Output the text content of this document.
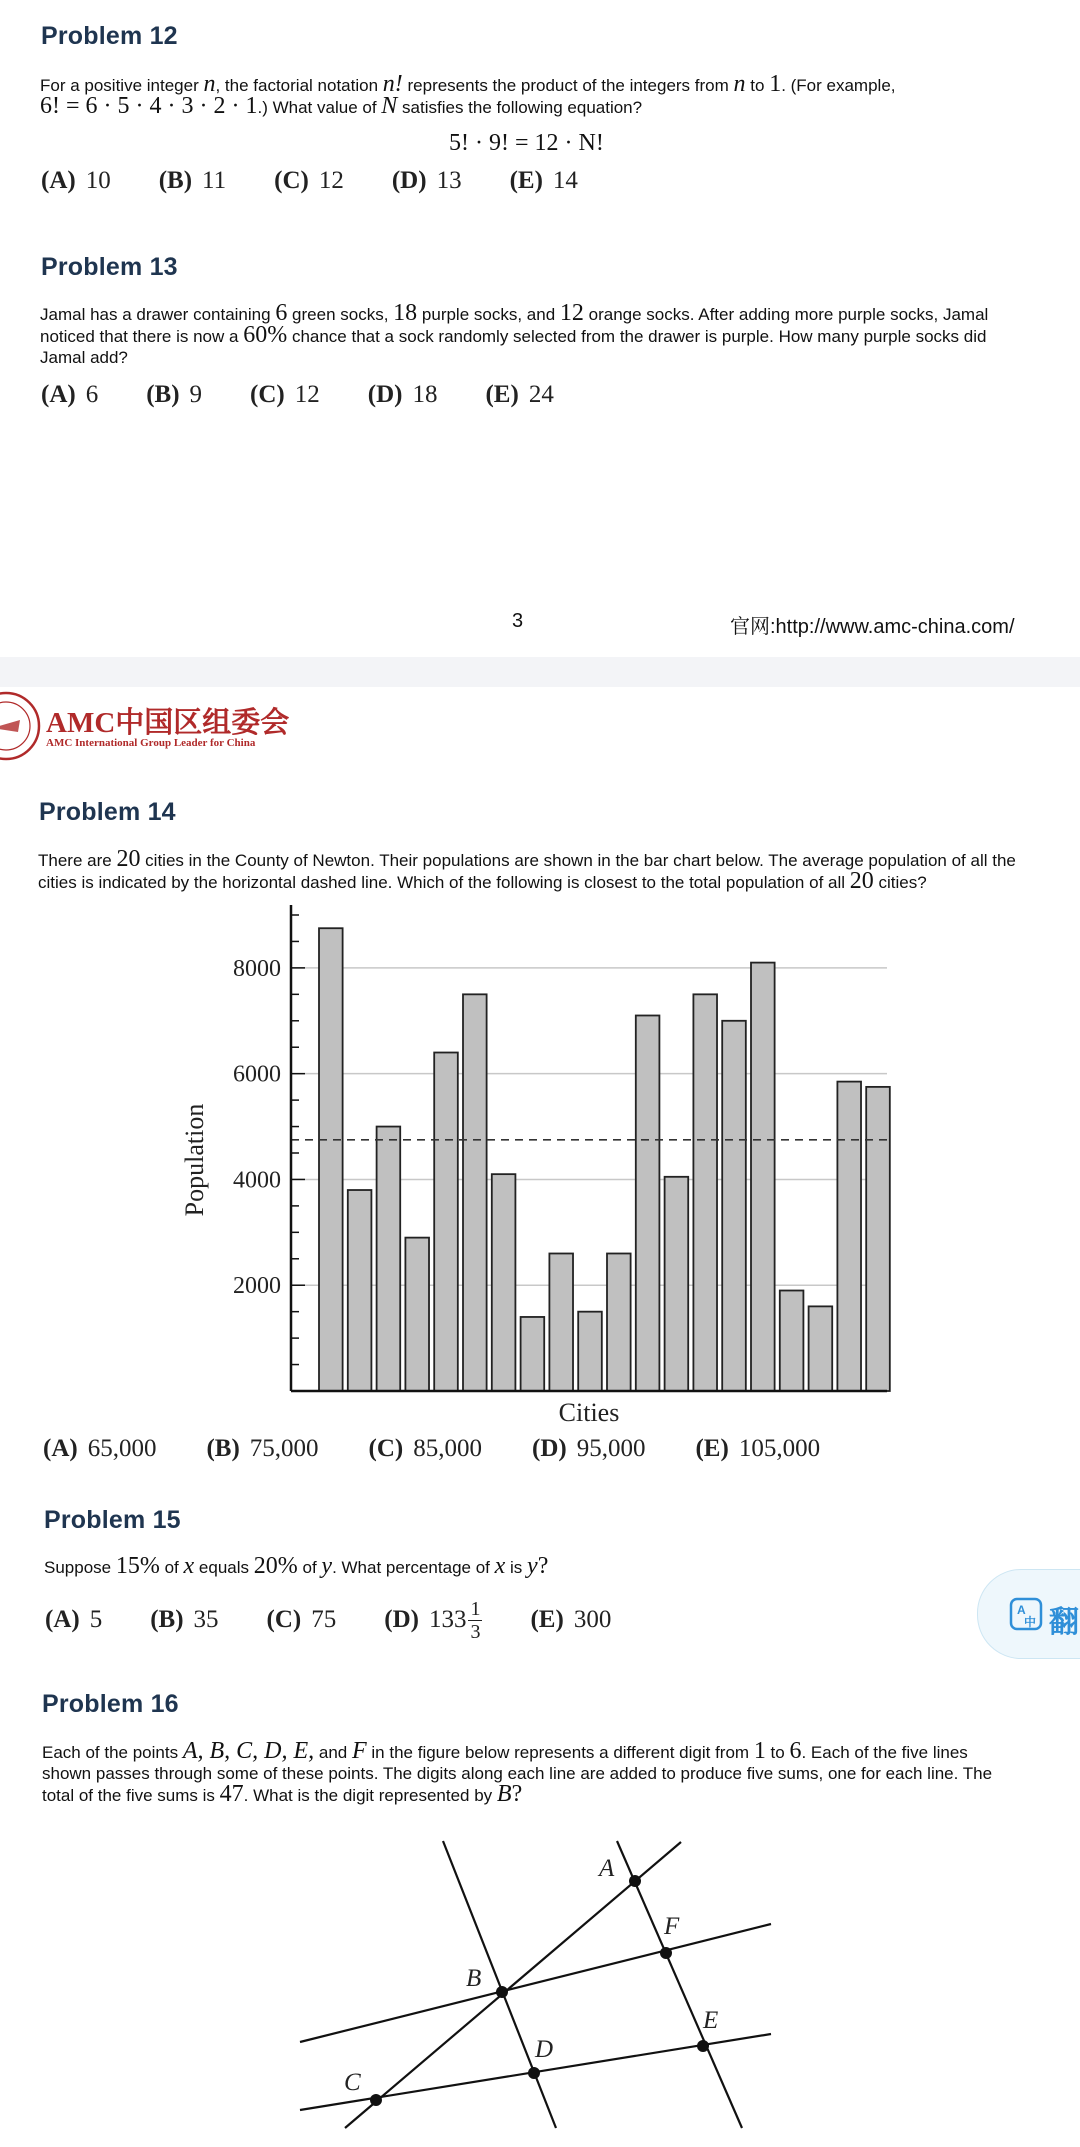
Problem 12
For a positive integer n, the factorial notation n! represents the product of the integers from n to 1. (For example,
6! = 6 · 5 · 4 · 3 · 2 · 1.) What value of N satisfies the following equation?
5! · 9! = 12 · N!
(A) 10 (B) 11 (C) 12 (D) 13 (E) 14
Problem 13
Jamal has a drawer containing 6 green socks, 18 purple socks, and 12 orange socks. After adding more purple socks, Jamal
noticed that there is now a 60% chance that a sock randomly selected from the drawer is purple. How many purple socks did
Jamal add?
(A) 6 (B) 9 (C) 12 (D) 18 (E) 24
3	官网:http://www.amc-china.com/
AMC中国区组委会
AMC International Group Leader for China
Problem 14
There are 20 cities in the County of Newton. Their populations are shown in the bar chart below. The average population of all the
cities is indicated by the horizontal dashed line. Which of the following is closest to the total population of all 20 cities?
2000
4000
6000
8000
Cities
Population
(A) 65,000 (B) 75,000 (C) 85,000 (D) 95,000 (E) 105,000
Problem 15
Suppose 15% of x equals 20% of y. What percentage of x is y?
(A) 5 (B) 35 (C) 75 (D) $133 \frac{1}{3} (E)$ 300	A
中 翻
Problem 16
Each of the points A, B, C, D, E, and F in the figure below represents a different digit from 1 to 6. Each of the five lines
shown passes through some of these points. The digits along each line are added to produce five sums, one for each line. The
total of the five sums is 47. What is the digit represented by B?
A
F
B
E
D
C
